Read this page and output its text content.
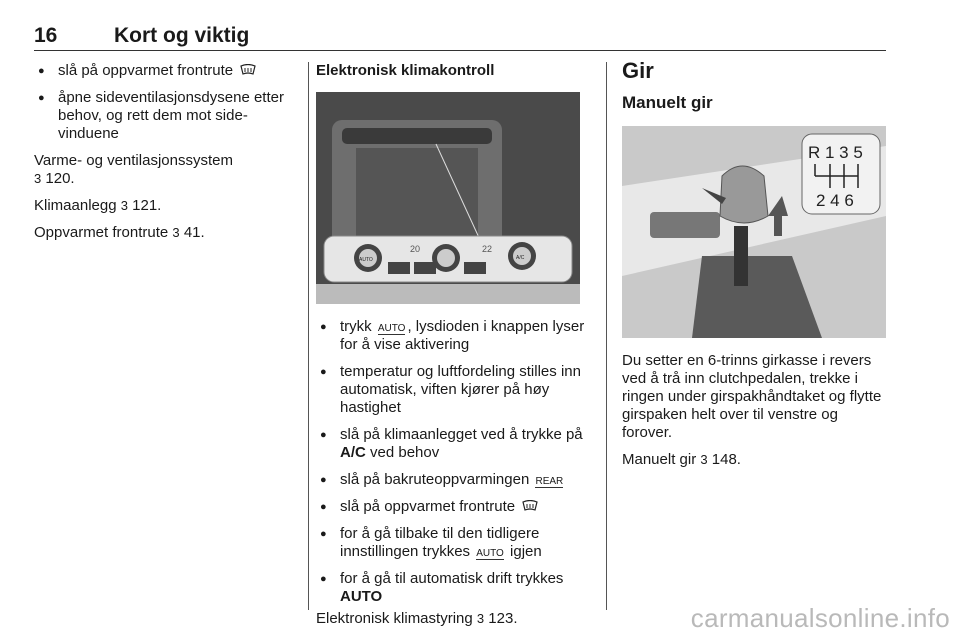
16	Kort og viktig
● slå på oppvarmet frontrute
● åpne sideventilasjonsdysene etter behov, og rett dem mot sidevinduene
Varme- og ventilasjonssystem
3 120.
Klimaanlegg 3 121.
Oppvarmet frontrute 3 41.
Elektronisk klimakontroll
20	22
AUTO	A/C
● trykk AUTO , lysdioden i knappen lyser for å vise aktivering
● temperatur og luftfordeling stilles inn automatisk, viften kjører på høy hastighet
● slå på klimaanlegget ved å trykke på A/C ved behov
● slå på bakruteoppvarmingen REAR
● slå på oppvarmet frontrute
● for å gå tilbake til den tidligere innstillingen trykkes AUTO igjen
● for å gå til automatisk drift trykkes
AUTO
Elektronisk klimastyring 3 123.
Gir
Manuelt gir
R 1 3 5
2 4 6
Du setter en 6-trinns girkasse i revers ved å trå inn clutchpedalen, trekke i ringen under girspakhåndtaket og flytte girspaken helt over til venstre og forover.
Manuelt gir 3 148.
carmanualsonline.info
